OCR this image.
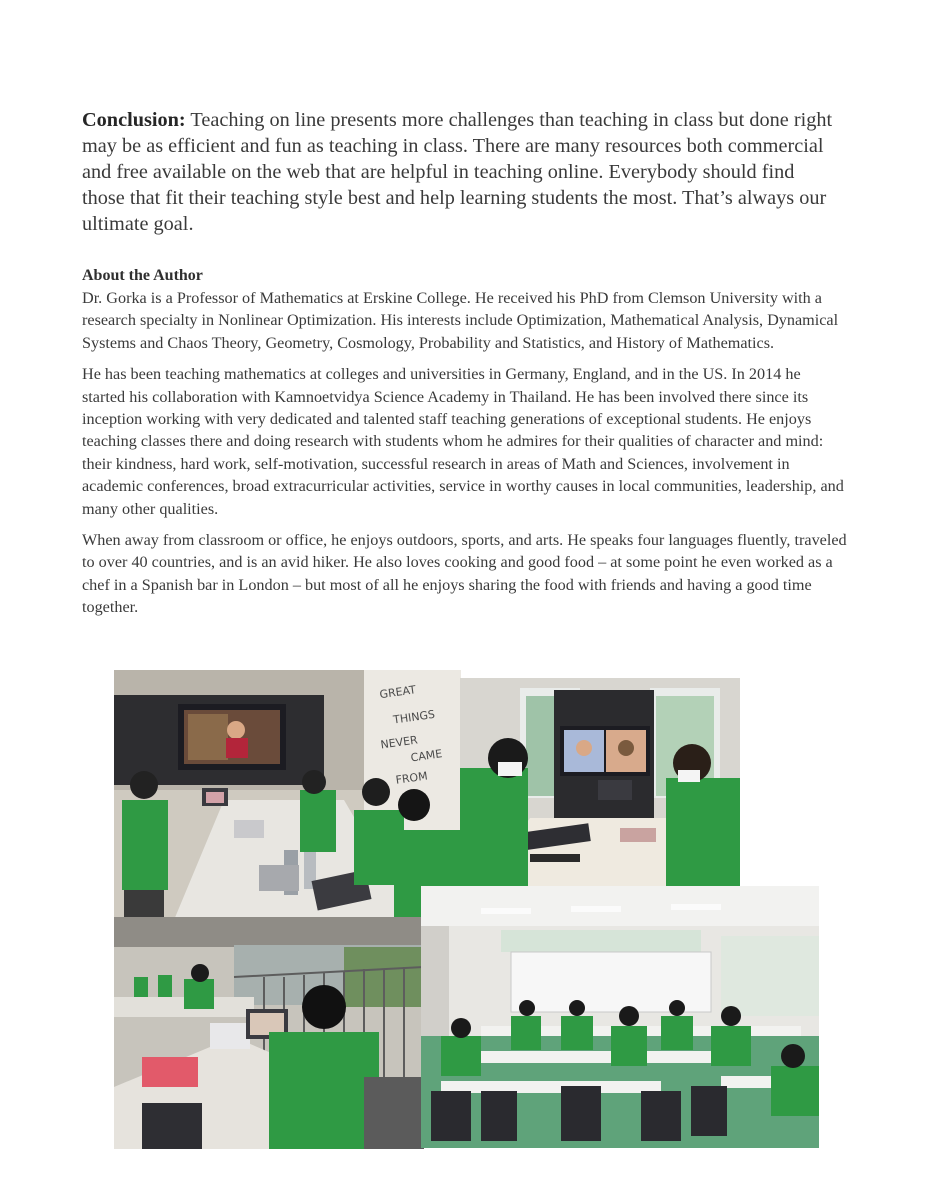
Conclusion: Teaching on line presents more challenges than teaching in class but done right may be as efficient and fun as teaching in class. There are many resources both commercial and free available on the web that are helpful in teaching online. Everybody should find those that fit their teaching style best and help learning students the most. That’s always our ultimate goal.

About the Author

Dr. Gorka is a Professor of Mathematics at Erskine College. He received his PhD from Clemson University with a research specialty in Nonlinear Optimization. His interests include Optimization, Mathematical Analysis, Dynamical Systems and Chaos Theory, Geometry, Cosmology, Probability and Statistics, and History of Mathematics.

He has been teaching mathematics at colleges and universities in Germany, England, and in the US. In 2014 he started his collaboration with Kamnoetvidya Science Academy in Thailand. He has been involved there since its inception working with very dedicated and talented staff teaching generations of exceptional students. He enjoys teaching classes there and doing research with students whom he admires for their qualities of character and mind: their kindness, hard work, self-motivation, successful research in areas of Math and Sciences, involvement in academic conferences, broad extracurricular activities, service in worthy causes in local communities, leadership, and many other qualities.

When away from classroom or office, he enjoys outdoors, sports, and arts. He speaks four languages fluently, traveled to over 40 countries, and is an avid hiker. He also loves cooking and good food – at some point he even worked as a chef in a Spanish bar in London – but most of all he enjoys sharing the food with friends and having a good time together.

GREAT
THINGS
NEVER
CAME
FROM
